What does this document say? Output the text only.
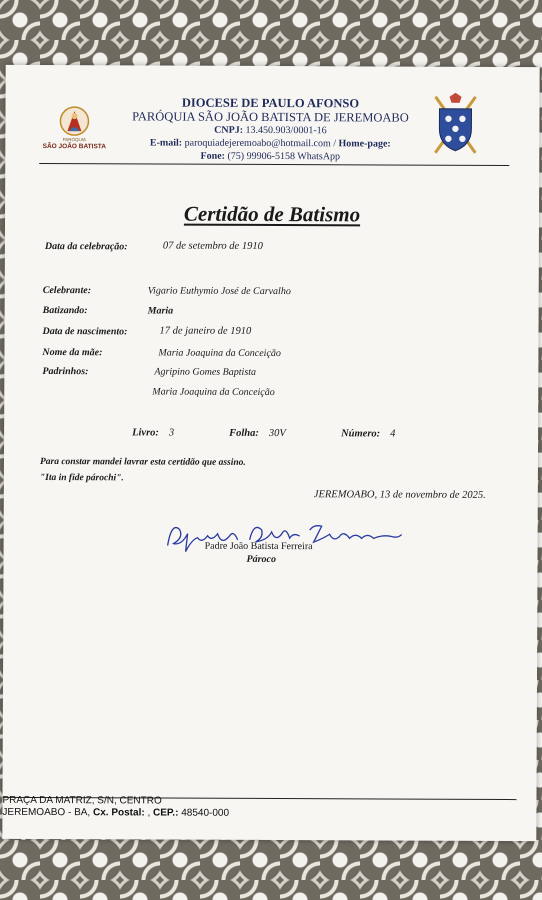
PARÓQUIA
SÃO JOÃO BATISTA
DIOCESE DE PAULO AFONSO
PARÓQUIA SÃO JOÃO BATISTA DE JEREMOABO
CNPJ: 13.450.903/0001-16
E-mail: paroquiadejeremoabo@hotmail.com / Home-page:
Fone: (75) 99906-5158 WhatsApp
Certidão de Batismo
Data da celebração:	07 de setembro de 1910
Celebrante:	Vigario Euthymio José de Carvalho
Batizando:	Maria
Data de nascimento:	17 de janeiro de 1910
Nome da mãe:	Maria Joaquina da Conceição
Padrinhos:	Agripino Gomes Baptista
Maria Joaquina da Conceição
Livro: 3	Folha: 30V	Número: 4
Para constar mandei lavrar esta certidão que assino.
"Ita in fide párochi".
JEREMOABO, 13 de novembro de 2025.
Padre João Batista Ferreira
Pároco
PRAÇA DA MATRIZ, S/N, CENTRO
JEREMOABO - BA, Cx. Postal: , CEP.: 48540-000
